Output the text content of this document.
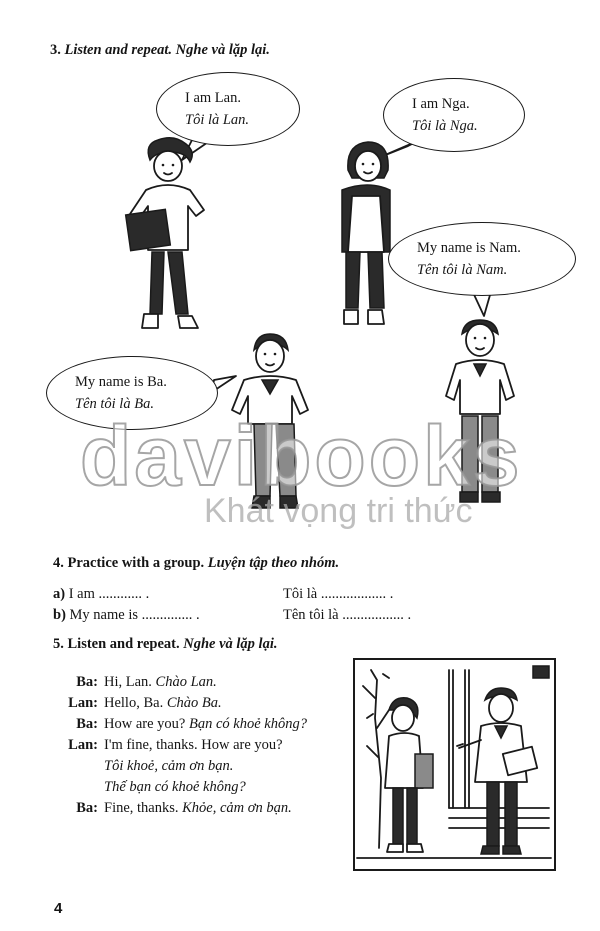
3. Listen and repeat. Nghe và lặp lại.
I am Lan.
Tôi là Lan.
I am Nga.
Tôi là Nga.
My name is Nam.
Tên tôi là Nam.
My name is Ba.
Tên tôi là Ba.
davibooks
Khát vọng tri thức
4. Practice with a group. Luyện tập theo nhóm.
a) I am ............ .	Tôi là .................. .
b) My name is .............. .	Tên tôi là ................. .
5. Listen and repeat. Nghe và lặp lại.
Ba: Hi, Lan. Chào Lan.
Lan: Hello, Ba. Chào Ba.
Ba: How are you? Bạn có khoẻ không?
Lan: I'm fine, thanks. How are you?
Tôi khoẻ, cảm ơn bạn.
Thế bạn có khoẻ không?
Ba: Fine, thanks. Khỏe, cảm ơn bạn.
4
